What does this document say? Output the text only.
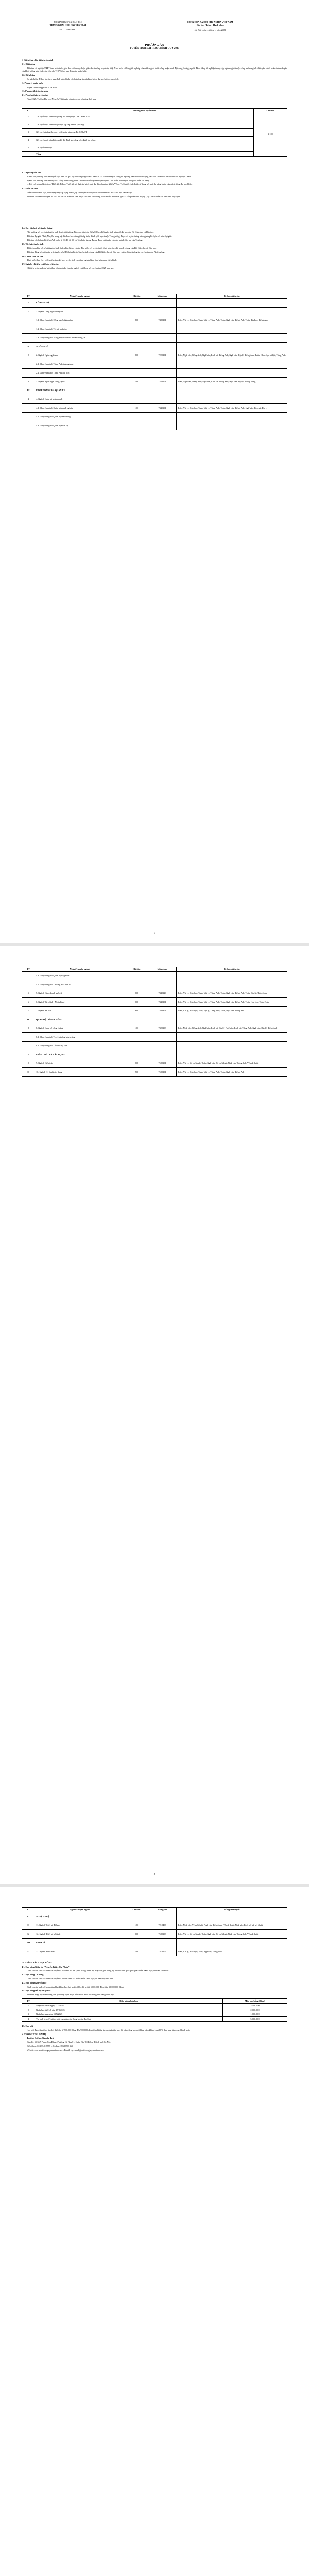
BỘ GIÁO DỤC VÀ ĐÀO TẠO
TRƯỜNG ĐẠI HỌC NGUYỄN TRÃI
Số: ....../TB-ĐHNT
CỘNG HÒA XÃ HỘI CHỦ NGHĨA VIỆT NAM
Độc lập - Tự do - Hạnh phúc
Hà Nội, ngày ... tháng ... năm 2025
PHƯƠNG ÁN
TUYỂN SINH ĐẠI HỌC CHÍNH QUY 2025

I. Đối tượng, điều kiện tuyển sinh

1.1. Đối tượng

Thí sinh tốt nghiệp THPT theo hình thức giáo dục chính quy hoặc giáo dục thường xuyên tại Việt Nam hoặc có bằng tốt nghiệp của nước ngoài được công nhận trình độ tương đương; người đã có bằng tốt nghiệp trung cấp ngành nghề thuộc cùng nhóm ngành dự tuyển và đã hoàn thành đủ yêu cầu khối lượng kiến thức văn hóa cấp THPT theo quy định của pháp luật.

1.2. Điều kiện

Đủ sức khỏe để học tập theo quy định hiện hành; có đủ thông tin cá nhân, hồ sơ dự tuyển theo quy định.

II. Phạm vi tuyển sinh

Tuyển sinh trong phạm vi cả nước.

III. Phương thức tuyển sinh

3.1. Phương thức tuyển sinh

Năm 2025, Trường Đại học Nguyễn Trãi tuyển sinh theo các phương thức sau:

TT	Phương thức tuyển sinh	Chỉ tiêu
1	Xét tuyển dựa trên kết quả kỳ thi tốt nghiệp THPT năm 2025	1.100
2	Xét tuyển dựa trên kết quả học tập cấp THPT (học bạ)	
3	Xét tuyển thẳng theo quy chế tuyển sinh của Bộ GD&ĐT	
4	Xét tuyển dựa trên kết quả kỳ thi đánh giá năng lực, đánh giá tư duy	
5	Xét tuyển kết hợp	
	Tổng	

3.2. Ngưỡng đầu vào

a) Đối với phương thức xét tuyển dựa trên kết quả kỳ thi tốt nghiệp THPT năm 2025: Nhà trường sẽ công bố ngưỡng đảm bảo chất lượng đầu vào sau khi có kết quả thi tốt nghiệp THPT.

b) Đối với phương thức xét học bạ: Tổng điểm trung bình 3 môn theo tổ hợp xét tuyển đạt từ 18,0 điểm trở lên (đã bao gồm điểm ưu tiên).

c) Đối với ngành Kiến trúc, Thiết kế đồ họa, Thiết kế nội thất: thí sinh phải dự thi môn năng khiếu Vẽ do Trường tổ chức hoặc sử dụng kết quả thi năng khiếu của các trường đại học khác.

3.3. Điểm ưu tiên

Điểm ưu tiên khu vực, đối tượng được áp dụng theo Quy chế tuyển sinh đại học hiện hành của Bộ Giáo dục và Đào tạo.

Thí sinh có điểm xét tuyển từ 22,5 trở lên thì điểm ưu tiên được xác định theo công thức: Điểm ưu tiên = [(30 − Tổng điểm đạt được)/7,5] × Mức điểm ưu tiên theo quy định.

3.4. Quy định về xét tuyển thẳng

Nhà trường xét tuyển thẳng thí sinh thuộc đối tượng được quy định tại Điều 8 Quy chế tuyển sinh trình độ đại học của Bộ Giáo dục và Đào tạo.

Thí sinh đạt giải Nhất, Nhì, Ba trong kỳ thi chọn học sinh giỏi cấp tỉnh, thành phố trực thuộc Trung ương được xét tuyển thẳng vào ngành phù hợp với môn đạt giải.

Thí sinh có chứng chỉ tiếng Anh quốc tế IELTS từ 5.0 trở lên hoặc tương đương được xét tuyển vào các ngành đào tạo của Trường.

3.5. Tổ chức tuyển sinh

Thời gian nhận hồ sơ xét tuyển, hình thức nhận hồ sơ và các điều kiện xét tuyển được thực hiện theo kế hoạch chung của Bộ Giáo dục và Đào tạo.

Thí sinh đăng ký xét tuyển trực tuyến trên Hệ thống hỗ trợ tuyển sinh chung của Bộ Giáo dục và Đào tạo và trên Cổng thông tin tuyển sinh của Nhà trường.

3.6. Chính sách ưu tiên

Thực hiện theo Quy chế tuyển sinh đại học, tuyển sinh cao đẳng ngành Giáo dục Mầm non hiện hành.

3.7. Ngành, chỉ tiêu và tổ hợp xét tuyển

Chỉ tiêu tuyển sinh dự kiến theo từng ngành, chuyên ngành và tổ hợp xét tuyển năm 2025 như sau:

TT	Ngành/chuyên ngành	Chỉ tiêu	Mã ngành	Tổ hợp xét tuyển
I	CÔNG NGHỆ			
1	1. Ngành Công nghệ thông tin			
	1.1. Chuyên ngành Công nghệ phần mềm	80	7480201	Toán, Vật lý, Hóa học; Toán, Vật lý, Tiếng Anh; Toán, Ngữ văn, Tiếng Anh; Toán, Tin học, Tiếng Anh
	1.2. Chuyên ngành Trí tuệ nhân tạo			
	1.3. Chuyên ngành Mạng máy tính và An toàn thông tin			
II	NGÔN NGỮ			
2	2. Ngành Ngôn ngữ Anh	80	7220201	Toán, Ngữ văn, Tiếng Anh; Ngữ văn, Lịch sử, Tiếng Anh; Ngữ văn, Địa lý, Tiếng Anh; Toán, Khoa học xã hội, Tiếng Anh
	2.1. Chuyên ngành Tiếng Anh thương mại			
	2.2. Chuyên ngành Tiếng Anh du lịch			
3	3. Ngành Ngôn ngữ Trung Quốc	50	7220204	Toán, Ngữ văn, Tiếng Anh; Ngữ văn, Lịch sử, Tiếng Anh; Ngữ văn, Địa lý, Tiếng Trung
III	KINH DOANH VÀ QUẢN LÝ			
4	4. Ngành Quản trị kinh doanh			
	4.1. Chuyên ngành Quản trị doanh nghiệp	100	7340101	Toán, Vật lý, Hóa học; Toán, Vật lý, Tiếng Anh; Toán, Ngữ văn, Tiếng Anh; Ngữ văn, Lịch sử, Địa lý
	4.2. Chuyên ngành Quản trị Marketing			
	4.3. Chuyên ngành Quản trị nhân sự			
1
TT	Ngành/chuyên ngành	Chỉ tiêu	Mã ngành	Tổ hợp xét tuyển
	4.4. Chuyên ngành Quản trị Logistics			
	4.5. Chuyên ngành Thương mại điện tử			
5	5. Ngành Kinh doanh quốc tế	60	7340120	Toán, Vật lý, Hóa học; Toán, Vật lý, Tiếng Anh; Toán, Ngữ văn, Tiếng Anh; Toán, Địa lý, Tiếng Anh
6	6. Ngành Tài chính - Ngân hàng	60	7340201	Toán, Vật lý, Hóa học; Toán, Vật lý, Tiếng Anh; Toán, Ngữ văn, Tiếng Anh; Toán, Hóa học, Tiếng Anh
7	7. Ngành Kế toán	60	7340301	Toán, Vật lý, Hóa học; Toán, Vật lý, Tiếng Anh; Toán, Ngữ văn, Tiếng Anh
IV	QUAN HỆ CÔNG CHÚNG			
8	8. Ngành Quan hệ công chúng	100	7320108	Toán, Ngữ văn, Tiếng Anh; Ngữ văn, Lịch sử, Địa lý; Ngữ văn, Lịch sử, Tiếng Anh; Ngữ văn, Địa lý, Tiếng Anh
	8.1. Chuyên ngành Truyền thông Marketing			
	8.2. Chuyên ngành Tổ chức sự kiện			
V	KIẾN TRÚC VÀ XÂY DỰNG			
9	9. Ngành Kiến trúc	60	7580101	Toán, Vật lý, Vẽ mỹ thuật; Toán, Ngữ văn, Vẽ mỹ thuật; Ngữ văn, Tiếng Anh, Vẽ mỹ thuật
10	10. Ngành Kỹ thuật xây dựng	50	7580201	Toán, Vật lý, Hóa học; Toán, Vật lý, Tiếng Anh; Toán, Ngữ văn, Tiếng Anh
2
TT	Ngành/chuyên ngành	Chỉ tiêu	Mã ngành	Tổ hợp xét tuyển
VI	NGHỆ THUẬT			
11	11. Ngành Thiết kế đồ họa	120	7210403	Toán, Ngữ văn, Vẽ mỹ thuật; Ngữ văn, Tiếng Anh, Vẽ mỹ thuật; Ngữ văn, Lịch sử, Vẽ mỹ thuật
12	12. Ngành Thiết kế nội thất	60	7580108	Toán, Vật lý, Vẽ mỹ thuật; Toán, Ngữ văn, Vẽ mỹ thuật; Ngữ văn, Tiếng Anh, Vẽ mỹ thuật
VII	KINH TẾ			
13	13. Ngành Kinh tế số	50	7310109	Toán, Vật lý, Hóa học; Toán, Ngữ văn, Tiếng Anh

IV. CHÍNH SÁCH HỌC BỔNG

4.1. Học bổng Nhân tài “Nguyễn Trãi – Chí Nhân”

Dành cho thí sinh có điểm xét tuyển từ 27 điểm trở lên (theo thang điểm 30) hoặc đạt giải trong kỳ thi học sinh giỏi quốc gia: miễn 100% học phí toàn khóa học.

4.2. Học bổng Tài năng

Dành cho thí sinh có điểm xét tuyển từ 24 đến dưới 27 điểm: miễn 50% học phí năm học thứ nhất.

4.3. Học bổng Khuyến học

Dành cho thí sinh có hoàn cảnh khó khăn, học lực khá trở lên: hỗ trợ từ 5.000.000 đồng đến 10.000.000 đồng.

4.4. Học bổng Hỗ trợ nhập học

Thí sinh nhập học sớm trong thời gian quy định được hỗ trợ các mức học bổng như bảng dưới đây.

TT	Điều kiện nhập học	Mức học bổng (đồng)
1	Nhập học trước ngày 31/7/2025	3.000.000
2	Nhập học từ 01/8 đến 15/8/2025	2.000.000
3	Nhập học sau ngày 15/8/2025	1.000.000
4	Thí sinh là anh/chị/em ruột của sinh viên đang học tại Trường	5.000.000

4.5. Học phí

Học phí được tính theo tín chỉ, dự kiến từ 500.000 đồng đến 900.000 đồng/tín chỉ tùy theo ngành đào tạo. Lộ trình tăng học phí hằng năm không quá 10% theo quy định của Chính phủ.

V. THÔNG TIN LIÊN HỆ

Trường Đại học Nguyễn Trãi

Địa chỉ: Số 36A Phạm Văn Đồng, Phường Cổ Nhuế 1, Quận Bắc Từ Liêm, Thành phố Hà Nội.

Điện thoại: 024 3748 7777 – Hotline: 0962 898 365

Website: www.daihocnguyentrai.edu.vn – Email: tuyensinh@daihocnguyentrai.edu.vn
